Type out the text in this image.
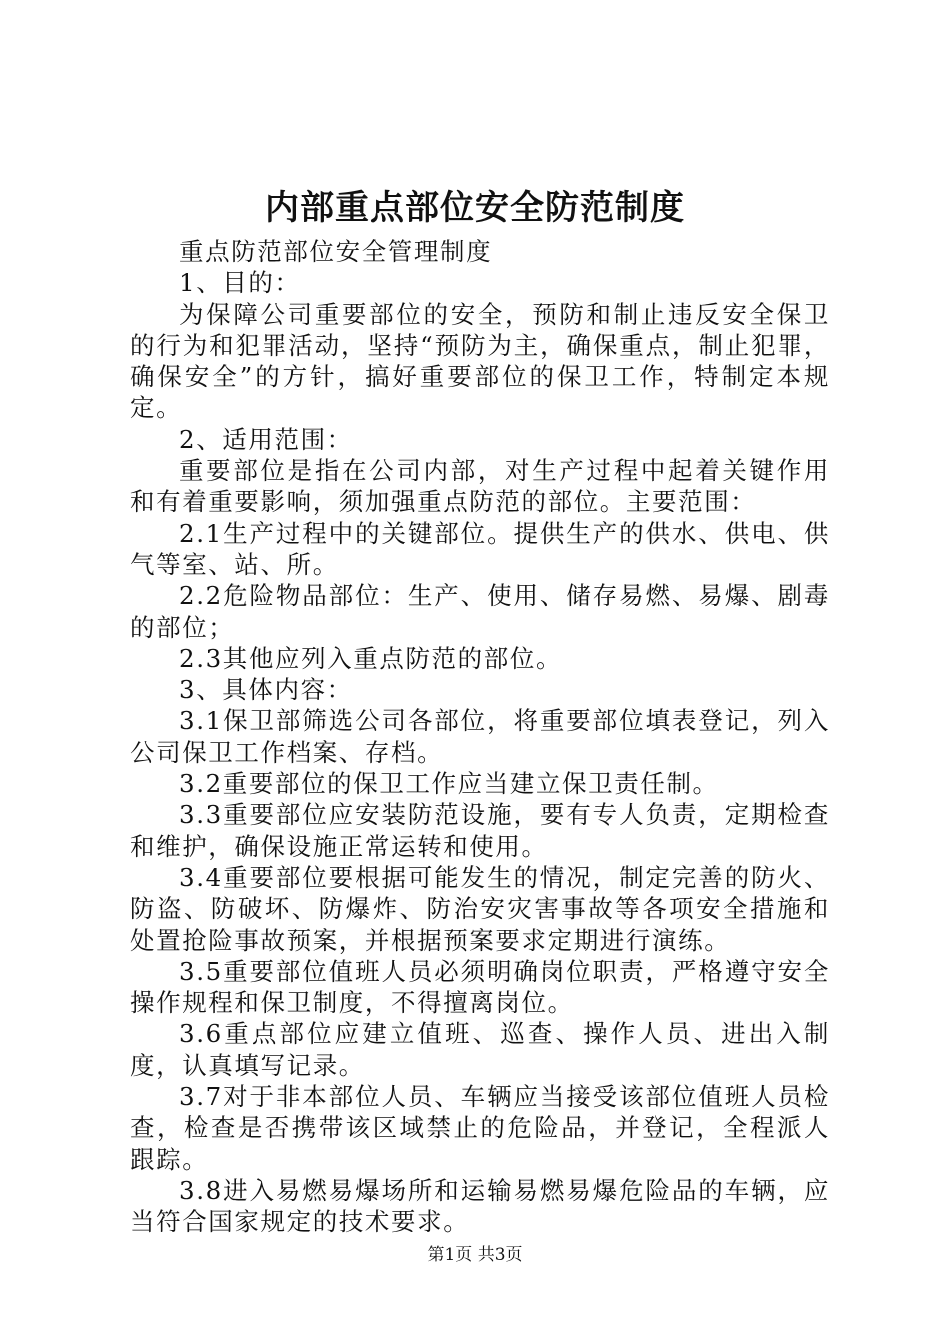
内部重点部位安全防范制度

重点防范部位安全管理制度

1、目的：

为保障公司重要部位的安全，预防和制止违反安全保卫的行为和犯罪活动，坚持“预防为主，确保重点，制止犯罪，确保安全”的方针，搞好重要部位的保卫工作，特制定本规定。

2、适用范围：

重要部位是指在公司内部，对生产过程中起着关键作用和有着重要影响，须加强重点防范的部位。主要范围：

2.1生产过程中的关键部位。提供生产的供水、供电、供气等室、站、所。

2.2危险物品部位：生产、使用、储存易燃、易爆、剧毒的部位；

2.3其他应列入重点防范的部位。

3、具体内容：

3.1保卫部筛选公司各部位，将重要部位填表登记，列入公司保卫工作档案、存档。

3.2重要部位的保卫工作应当建立保卫责任制。

3.3重要部位应安装防范设施，要有专人负责，定期检查和维护，确保设施正常运转和使用。

3.4重要部位要根据可能发生的情况，制定完善的防火、防盗、防破坏、防爆炸、防治安灾害事故等各项安全措施和处置抢险事故预案，并根据预案要求定期进行演练。

3.5重要部位值班人员必须明确岗位职责，严格遵守安全操作规程和保卫制度，不得擅离岗位。

3.6重点部位应建立值班、巡查、操作人员、进出入制度，认真填写记录。

3.7对于非本部位人员、车辆应当接受该部位值班人员检查，检查是否携带该区域禁止的危险品，并登记，全程派人跟踪。

3.8进入易燃易爆场所和运输易燃易爆危险品的车辆，应当符合国家规定的技术要求。

第1页 共3页
